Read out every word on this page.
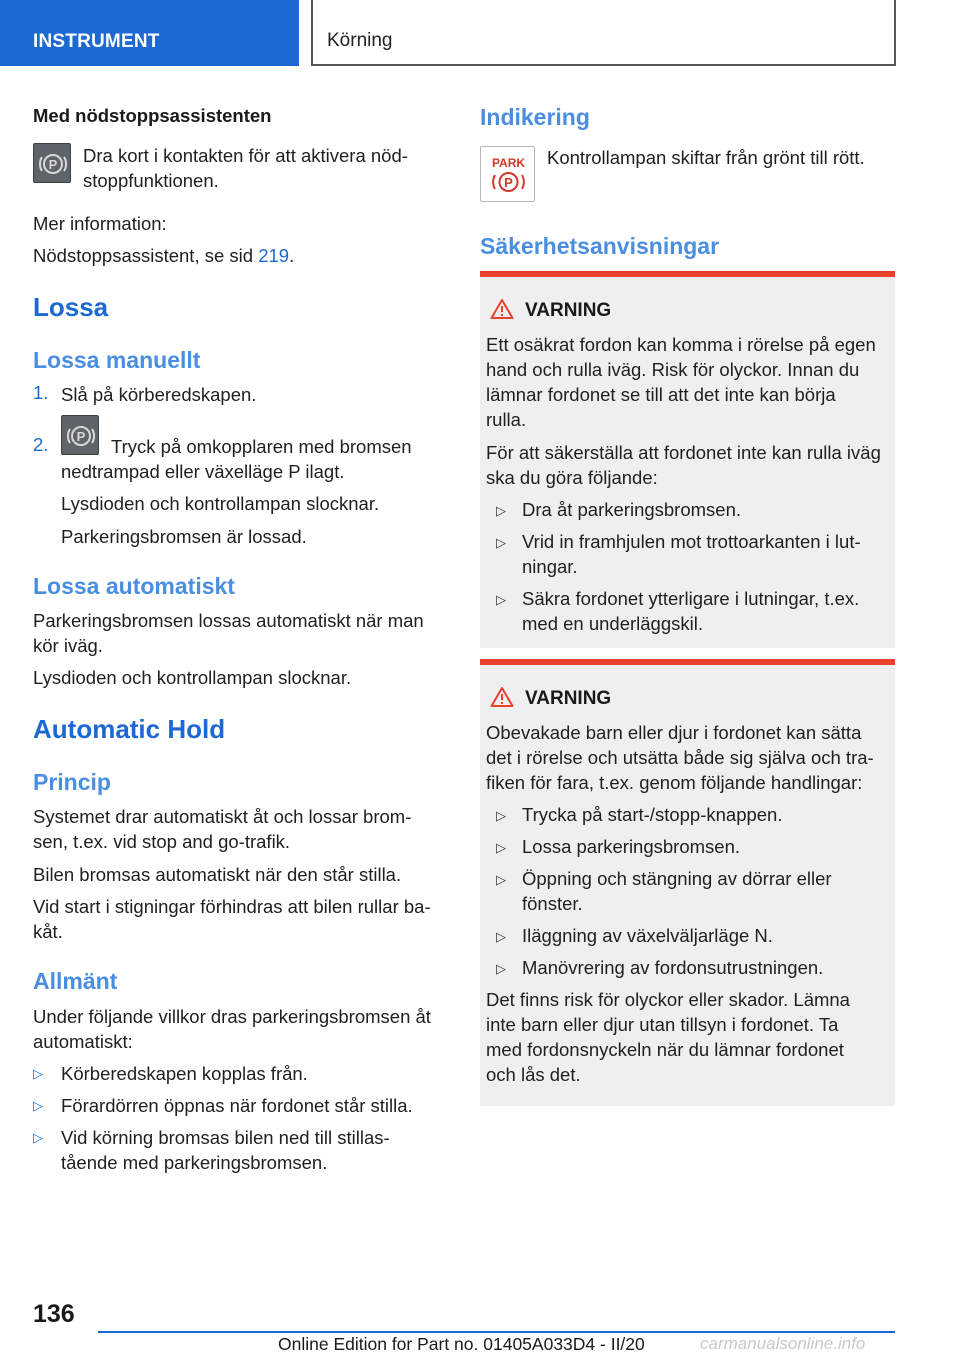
INSTRUMENT	Körning
Med nödstoppsassistenten
P Dra kort i kontakten för att aktivera nöd-
stoppfunktionen.
Mer information:
Nödstoppsassistent, se sid 219.
Lossa
Lossa manuellt
1. Slå på körberedskapen.
2. P Tryck på omkopplaren med bromsen
nedtrampad eller växelläge P ilagt.
Lysdioden och kontrollampan slocknar.
Parkeringsbromsen är lossad.
Lossa automatiskt
Parkeringsbromsen lossas automatiskt när man
kör iväg.
Lysdioden och kontrollampan slocknar.
Automatic Hold
Princip
Systemet drar automatiskt åt och lossar brom-
sen, t.ex. vid stop and go-trafik.
Bilen bromsas automatiskt när den står stilla.
Vid start i stigningar förhindras att bilen rullar ba-
kåt.
Allmänt
Under följande villkor dras parkeringsbromsen åt
automatiskt:
▷ Körberedskapen kopplas från.
▷ Förardörren öppnas när fordonet står stilla.
▷ Vid körning bromsas bilen ned till stillas-
tående med parkeringsbromsen.
Indikering
PARK
P
Kontrollampan skiftar från grönt till rött.
Säkerhetsanvisningar
VARNING
Ett osäkrat fordon kan komma i rörelse på egen
hand och rulla iväg. Risk för olyckor. Innan du
lämnar fordonet se till att det inte kan börja
rulla.
För att säkerställa att fordonet inte kan rulla iväg
ska du göra följande:
▷ Dra åt parkeringsbromsen.
▷ Vrid in framhjulen mot trottoarkanten i lut-
ningar.
▷ Säkra fordonet ytterligare i lutningar, t.ex.
med en underläggskil.
VARNING
Obevakade barn eller djur i fordonet kan sätta
det i rörelse och utsätta både sig själva och tra-
fiken för fara, t.ex. genom följande handlingar:
▷ Trycka på start-/stopp-knappen.
▷ Lossa parkeringsbromsen.
▷ Öppning och stängning av dörrar eller
fönster.
▷ Iläggning av växelväljarläge N.
▷ Manövrering av fordonsutrustningen.
Det finns risk för olyckor eller skador. Lämna
inte barn eller djur utan tillsyn i fordonet. Ta
med fordonsnyckeln när du lämnar fordonet
och lås det.
136
Online Edition for Part no. 01405A033D4 - II/20	carmanualsonline.info
